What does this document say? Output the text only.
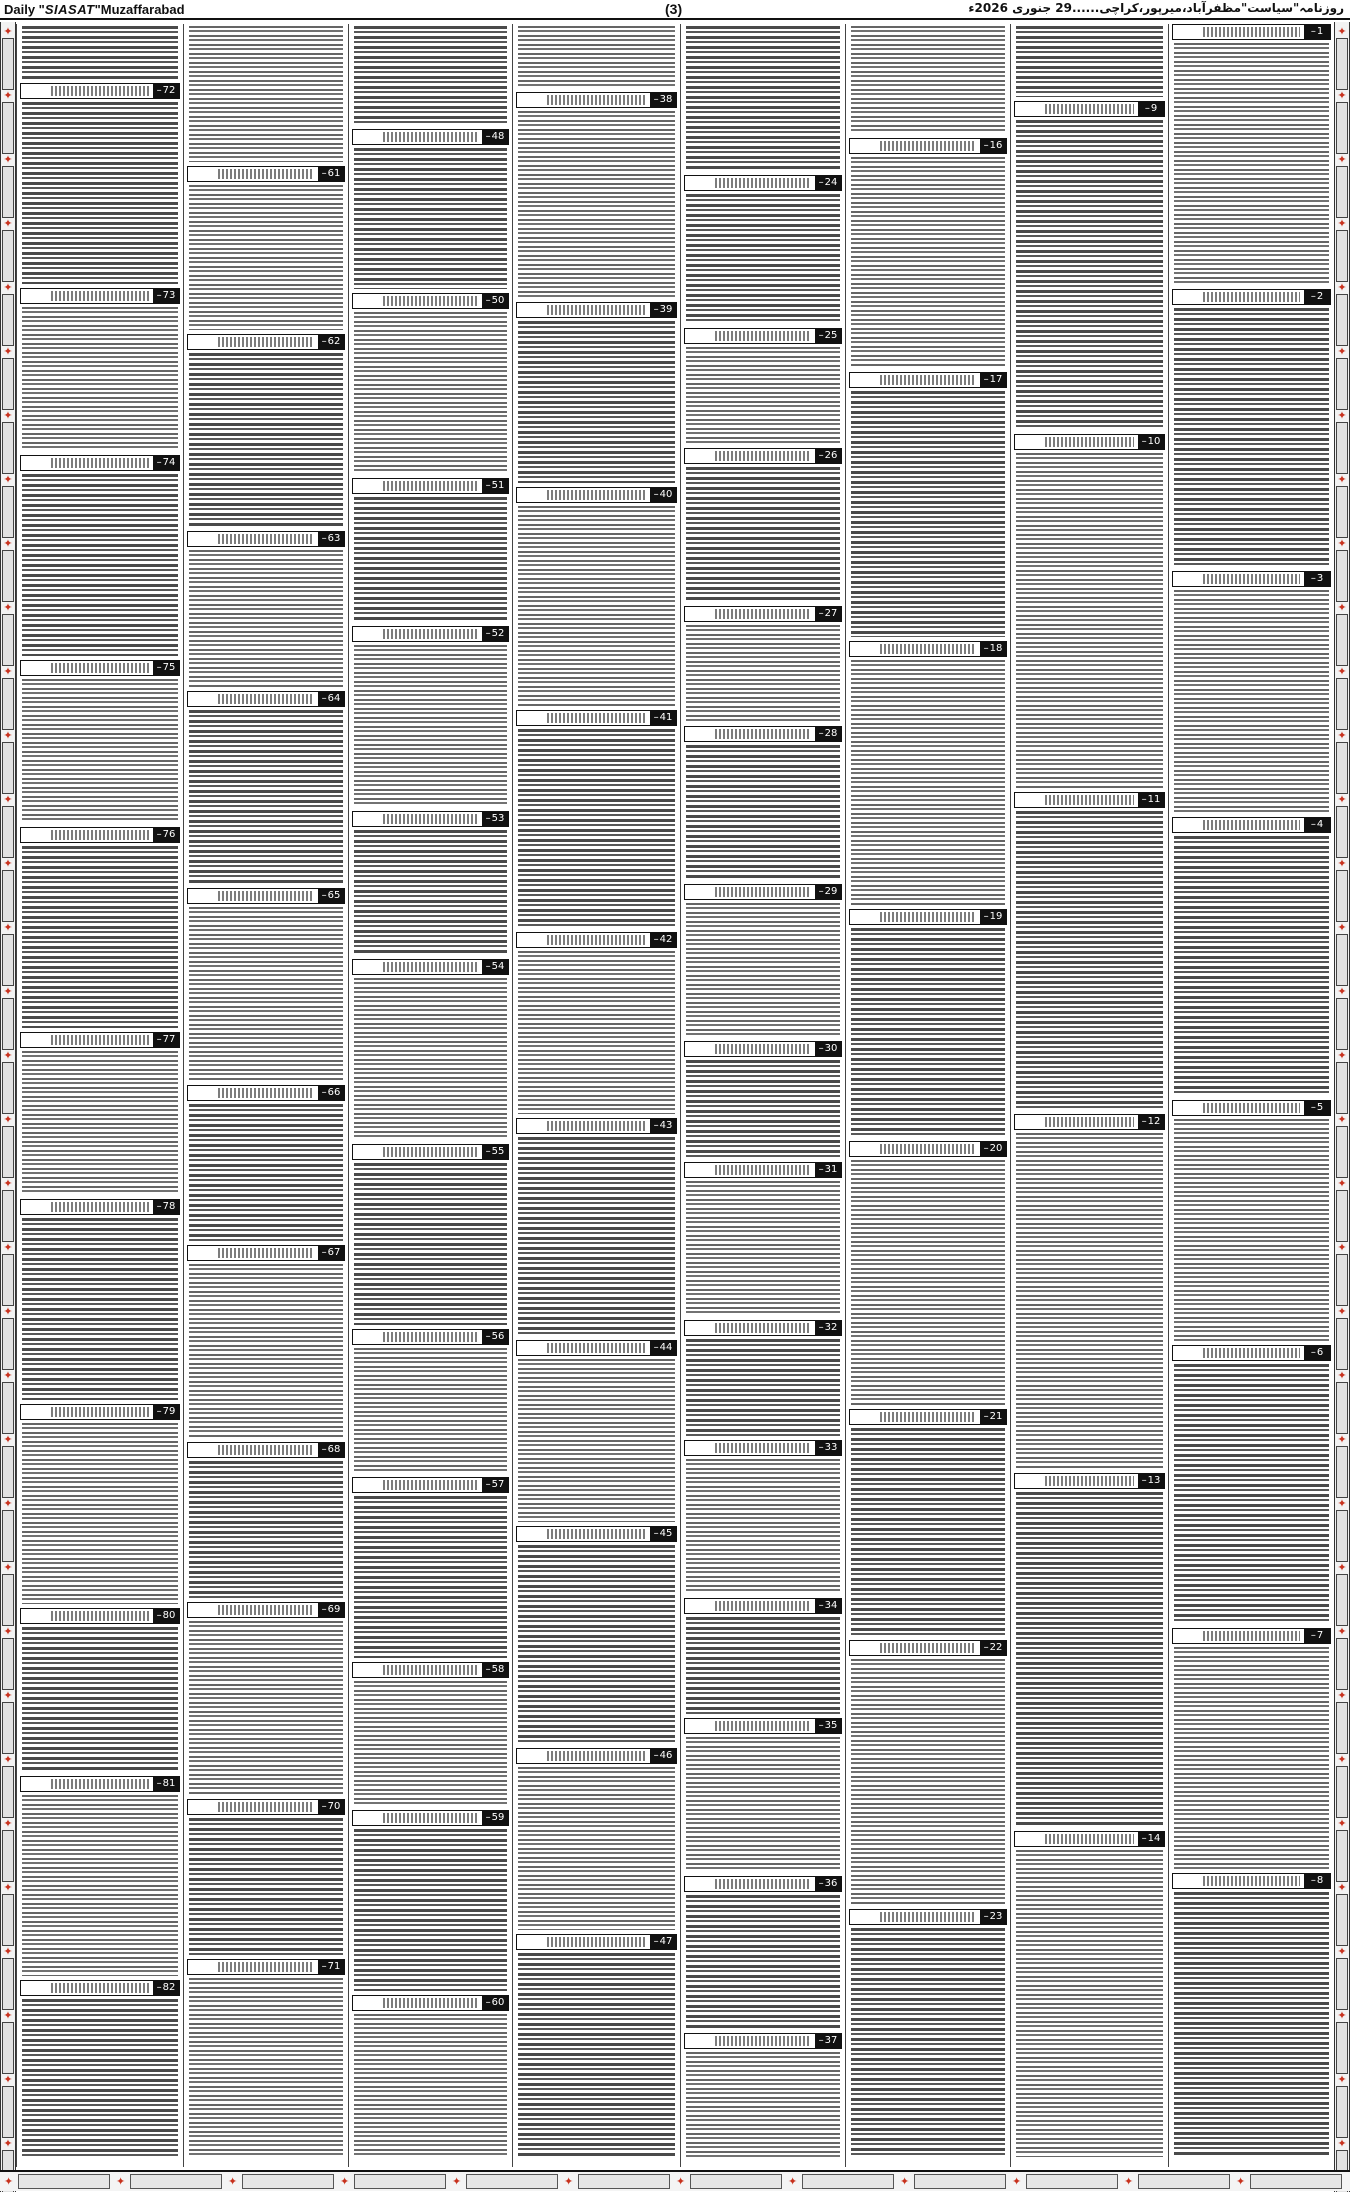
Daily "SIASAT"Muzaffarabad	(3)	روزنامہ"سیاست"مظفرآباد،میرپور،کراچی......29 جنوری 2026ء
✦
✦
✦
✦
✦
✦
✦
✦
✦
✦
✦
✦
✦
✦
✦
✦
✦
✦
✦
✦
✦
✦
✦
✦
✦
✦
✦
✦
✦
✦
✦
✦
✦
✦
✦
✦
✦
✦
✦
✦
✦
✦
✦
✦
✦
✦
✦
✦
✦
✦
✦
✦
✦
✦
✦
✦
✦
✦
✦
✦
✦
✦
✦
✦
✦
✦
✦
✦
– 1
– 2
– 3
– 4
– 5
– 6
– 7
– 8
– 9
– 10
– 11
– 12
– 13
– 14
– 16
– 17
– 18
– 19
– 20
– 21
– 22
– 23
– 24
– 25
– 26
– 27
– 28
– 29
– 30
– 31
– 32
– 33
– 34
– 35
– 36
– 37
– 38
– 39
– 40
– 41
– 42
– 43
– 44
– 45
– 46
– 47
– 48
– 50
– 51
– 52
– 53
– 54
– 55
– 56
– 57
– 58
– 59
– 60
– 61
– 62
– 63
– 64
– 65
– 66
– 67
– 68
– 69
– 70
– 71
– 72
– 73
– 74
– 75
– 76
– 77
– 78
– 79
– 80
– 81
– 82
✦	✦	✦	✦	✦	✦	✦	✦	✦	✦	✦	✦
